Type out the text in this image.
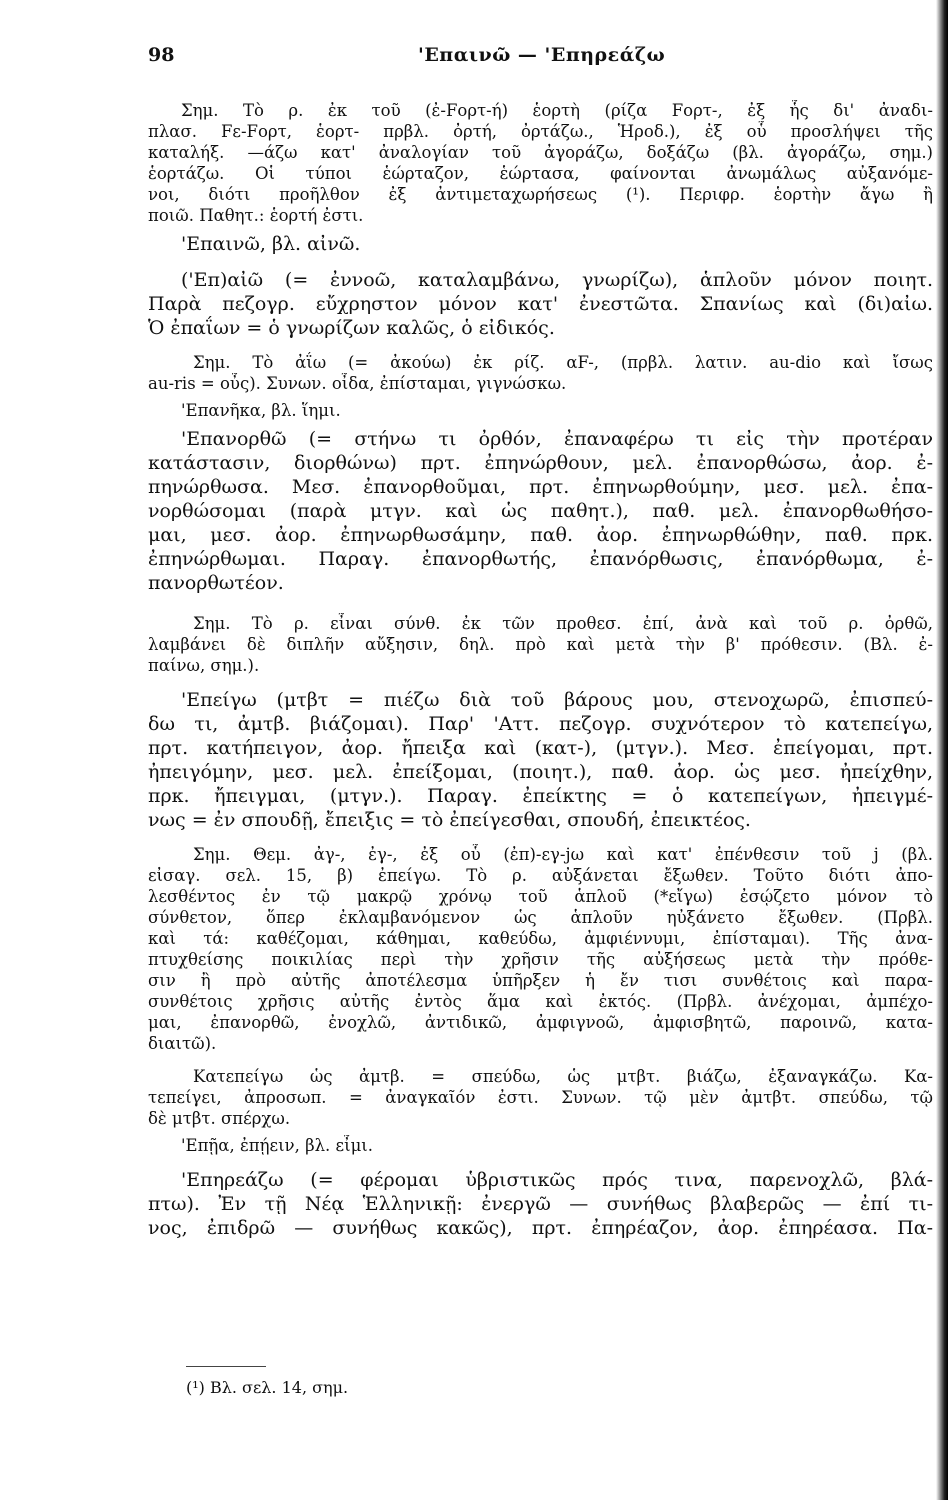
98	'Επαινῶ — 'Επηρεάζω
Σημ. Τὸ ρ. ἐκ τοῦ (ἐ-Fορτ-ή) ἑορτὴ (ρίζα Fορτ-, ἐξ ἧς δι' ἀναδι-
πλασ. Fε-Fορτ, ἑορτ- πρβλ. ὀρτή, ὀρτάζω., Ἡροδ.), ἐξ οὗ προσλήψει τῆς
καταλήξ. —άζω κατ' ἀναλογίαν τοῦ ἀγοράζω, δοξάζω (βλ. ἀγοράζω, σημ.)
ἑορτάζω. Οἱ τύποι ἑώρταζον, ἑώρτασα, φαίνονται ἀνωμάλως αὐξανόμε-
νοι, διότι προῆλθον ἐξ ἀντιμεταχωρήσεως (¹). Περιφρ. ἑορτὴν ἄγω ἢ
ποιῶ. Παθητ.: ἑορτή ἐστι.
'Επαινῶ, βλ. αἰνῶ.
('Επ)αἰῶ (= ἐννοῶ, καταλαμβάνω, γνωρίζω), ἁπλοῦν μόνον ποιητ.
Παρὰ πεζογρ. εὔχρηστον μόνον κατ' ἐνεστῶτα. Σπανίως καὶ (δι)αἰω.
Ὁ ἐπαΐων = ὁ γνωρίζων καλῶς, ὁ εἰδικός.
Σημ. Τὸ ἀΐω (= ἀκούω) ἐκ ρίζ. αF-, (πρβλ. λατιν. au-dio καὶ ἴσως
au-ris = οὖς). Συνων. οἶδα, ἐπίσταμαι, γιγνώσκω.
'Επανῆκα, βλ. ἵημι.
'Επανορθῶ (= στήνω τι ὀρθόν, ἐπαναφέρω τι εἰς τὴν προτέραν
κατάστασιν, διορθώνω) πρτ. ἐπηνώρθουν, μελ. ἐπανορθώσω, ἀορ. ἐ-
πηνώρθωσα. Μεσ. ἐπανορθοῦμαι, πρτ. ἐπηνωρθούμην, μεσ. μελ. ἐπα-
νορθώσομαι (παρὰ μτγν. καὶ ὡς παθητ.), παθ. μελ. ἐπανορθωθήσο-
μαι, μεσ. ἀορ. ἐπηνωρθωσάμην, παθ. ἀορ. ἐπηνωρθώθην, παθ. πρκ.
ἐπηνώρθωμαι. Παραγ. ἐπανορθωτής, ἐπανόρθωσις, ἐπανόρθωμα, ἐ-
πανορθωτέον.
Σημ. Τὸ ρ. εἶναι σύνθ. ἐκ τῶν προθεσ. ἐπί, ἀνὰ καὶ τοῦ ρ. ὀρθῶ,
λαμβάνει δὲ διπλῆν αὔξησιν, δηλ. πρὸ καὶ μετὰ τὴν β' πρόθεσιν. (Βλ. ἐ-
παίνω, σημ.).
'Επείγω (μτβτ = πιέζω διὰ τοῦ βάρους μου, στενοχωρῶ, ἐπισπεύ-
δω τι, ἀμτβ. βιάζομαι). Παρ' 'Αττ. πεζογρ. συχνότερον τὸ κατεπείγω,
πρτ. κατήπειγον, ἀορ. ἤπειξα καὶ (κατ-), (μτγν.). Μεσ. ἐπείγομαι, πρτ.
ἠπειγόμην, μεσ. μελ. ἐπείξομαι, (ποιητ.), παθ. ἀορ. ὡς μεσ. ἠπείχθην,
πρκ. ἤπειγμαι, (μτγν.). Παραγ. ἐπείκτης = ὁ κατεπείγων, ἠπειγμέ-
νως = ἐν σπουδῇ, ἔπειξις = τὸ ἐπείγεσθαι, σπουδή, ἐπεικτέος.
Σημ. Θεμ. ἀγ-, ἐγ-, ἐξ οὗ (ἐπ)-εγ-jω καὶ κατ' ἐπένθεσιν τοῦ j (βλ.
εἰσαγ. σελ. 15, β) ἐπείγω. Τὸ ρ. αὐξάνεται ἔξωθεν. Τοῦτο διότι ἀπο-
λεσθέντος ἐν τῷ μακρῷ χρόνῳ τοῦ ἁπλοῦ (*εἴγω) ἐσῴζετο μόνον τὸ
σύνθετον, ὅπερ ἐκλαμβανόμενον ὡς ἁπλοῦν ηὐξάνετο ἔξωθεν. (Πρβλ.
καὶ τά: καθέζομαι, κάθημαι, καθεύδω, ἀμφιέννυμι, ἐπίσταμαι). Τῆς ἀνα-
πτυχθείσης ποικιλίας περὶ τὴν χρῆσιν τῆς αὐξήσεως μετὰ τὴν πρόθε-
σιν ἢ πρὸ αὐτῆς ἀποτέλεσμα ὑπῆρξεν ἡ ἔν τισι συνθέτοις καὶ παρα-
συνθέτοις χρῆσις αὐτῆς ἐντὸς ἅμα καὶ ἐκτός. (Πρβλ. ἀνέχομαι, ἀμπέχο-
μαι, ἐπανορθῶ, ἐνοχλῶ, ἀντιδικῶ, ἀμφιγνοῶ, ἀμφισβητῶ, παροινῶ, κατα-
διαιτῶ).
Κατεπείγω ὡς ἀμτβ. = σπεύδω, ὡς μτβτ. βιάζω, ἐξαναγκάζω. Κα-
τεπείγει, ἀπροσωπ. = ἀναγκαῖόν ἐστι. Συνων. τῷ μὲν ἀμτβτ. σπεύδω, τῷ
δὲ μτβτ. σπέρχω.
'Επῇα, ἐπῄειν, βλ. εἶμι.
'Επηρεάζω (= φέρομαι ὑβριστικῶς πρός τινα, παρενοχλῶ, βλά-
πτω). Ἐν τῇ Νέᾳ Ἑλληνικῇ: ἐνεργῶ — συνήθως βλαβερῶς — ἐπί τι-
νος, ἐπιδρῶ — συνήθως κακῶς), πρτ. ἐπηρέαζον, ἀορ. ἐπηρέασα. Πα-
(¹) Βλ. σελ. 14, σημ.
